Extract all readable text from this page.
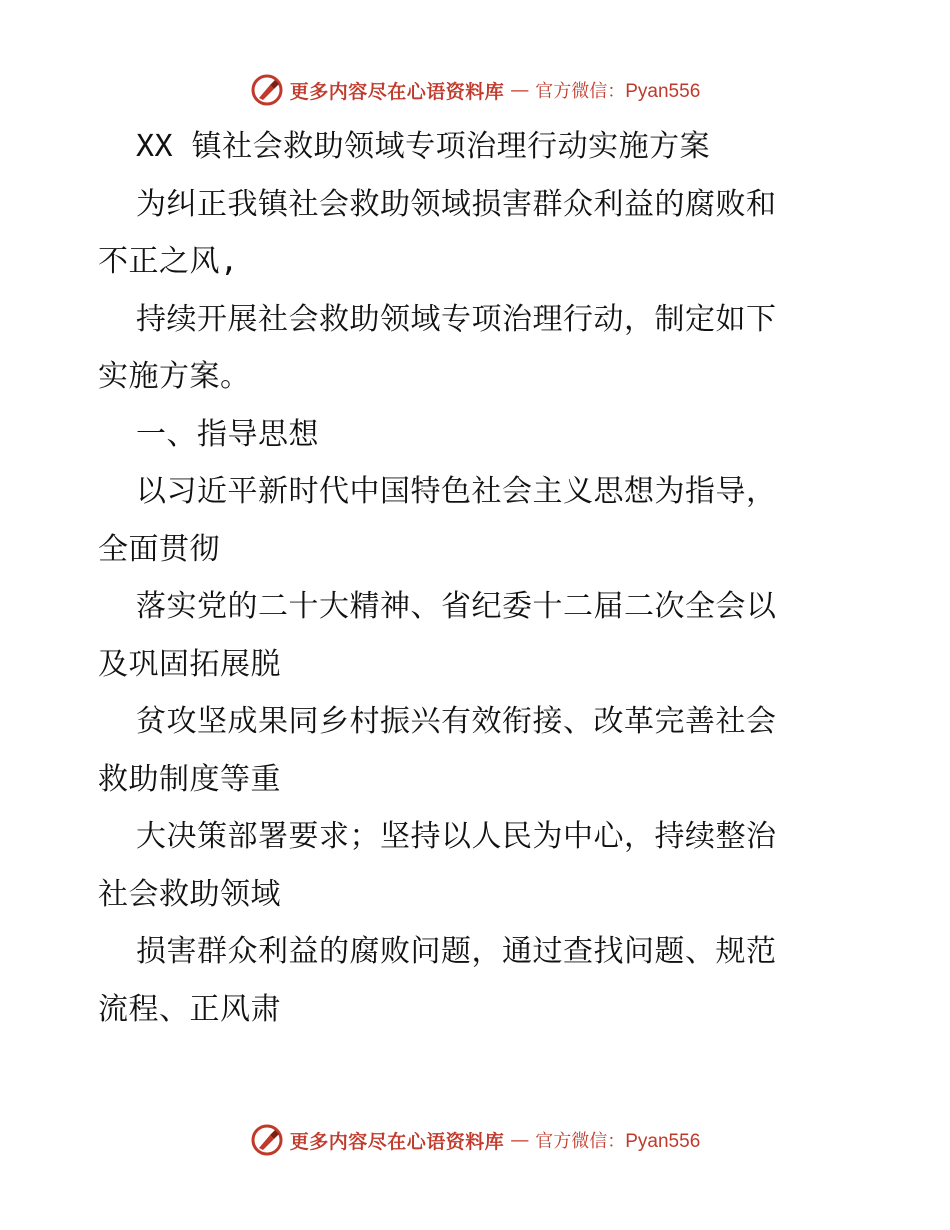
更多内容尽在心语资料库 — 官方微信：Pyan556
XX 镇社会救助领域专项治理行动实施方案
为纠正我镇社会救助领域损害群众利益的腐败和
不正之风,
持续开展社会救助领域专项治理行动，制定如下
实施方案。
一、指导思想
以习近平新时代中国特色社会主义思想为指导，
全面贯彻
落实党的二十大精神、省纪委十二届二次全会以
及巩固拓展脱
贫攻坚成果同乡村振兴有效衔接、改革完善社会
救助制度等重
大决策部署要求；坚持以人民为中心，持续整治
社会救助领域
损害群众利益的腐败问题，通过查找问题、规范
流程、正风肃
更多内容尽在心语资料库 — 官方微信：Pyan556
